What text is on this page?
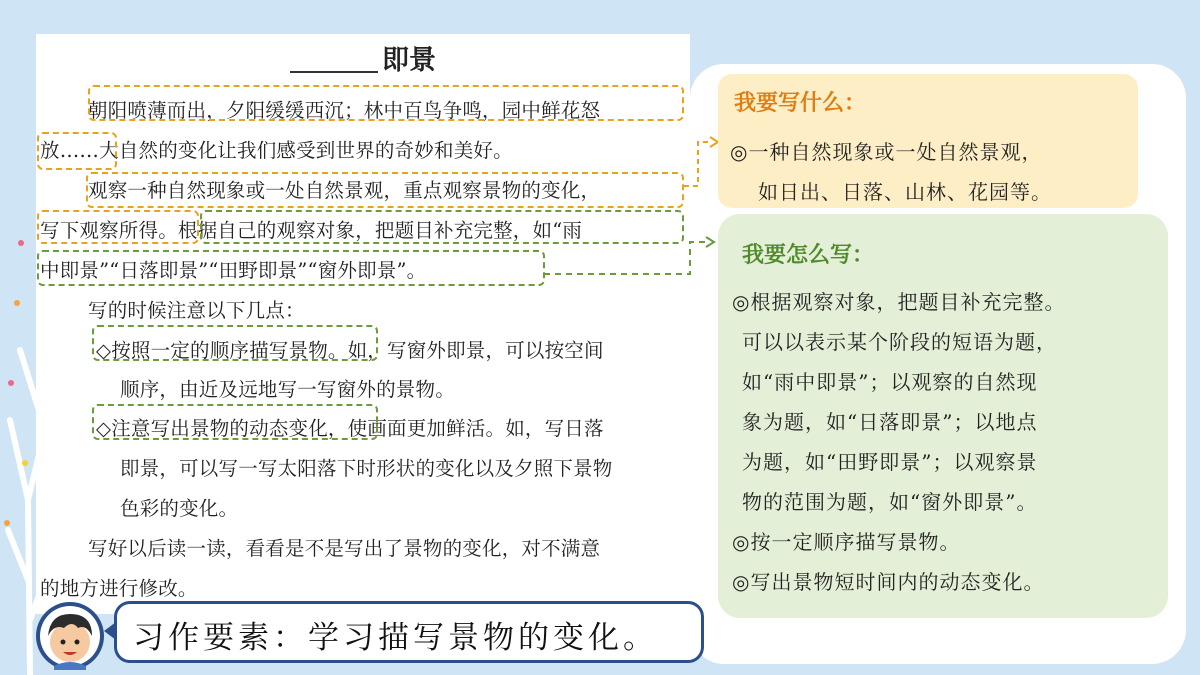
即景
朝阳喷薄而出，夕阳缓缓西沉；林中百鸟争鸣，园中鲜花怒
放……大自然的变化让我们感受到世界的奇妙和美好。
观察一种自然现象或一处自然景观，重点观察景物的变化，
写下观察所得。根据自己的观察对象，把题目补充完整，如“雨
中即景”“日落即景”“田野即景”“窗外即景”。
写的时候注意以下几点：
◇按照一定的顺序描写景物。如，写窗外即景，可以按空间
顺序，由近及远地写一写窗外的景物。
◇注意写出景物的动态变化，使画面更加鲜活。如，写日落
即景，可以写一写太阳落下时形状的变化以及夕照下景物
色彩的变化。
写好以后读一读，看看是不是写出了景物的变化，对不满意
的地方进行修改。
我要写什么：
◎一种自然现象或一处自然景观，
如日出、日落、山林、花园等。
我要怎么写：
◎根据观察对象，把题目补充完整。
可以以表示某个阶段的短语为题，
如“雨中即景”；以观察的自然现
象为题，如“日落即景”；以地点
为题，如“田野即景”；以观察景
物的范围为题，如“窗外即景”。
◎按一定顺序描写景物。
◎写出景物短时间内的动态变化。
习作要素：学习描写景物的变化。
